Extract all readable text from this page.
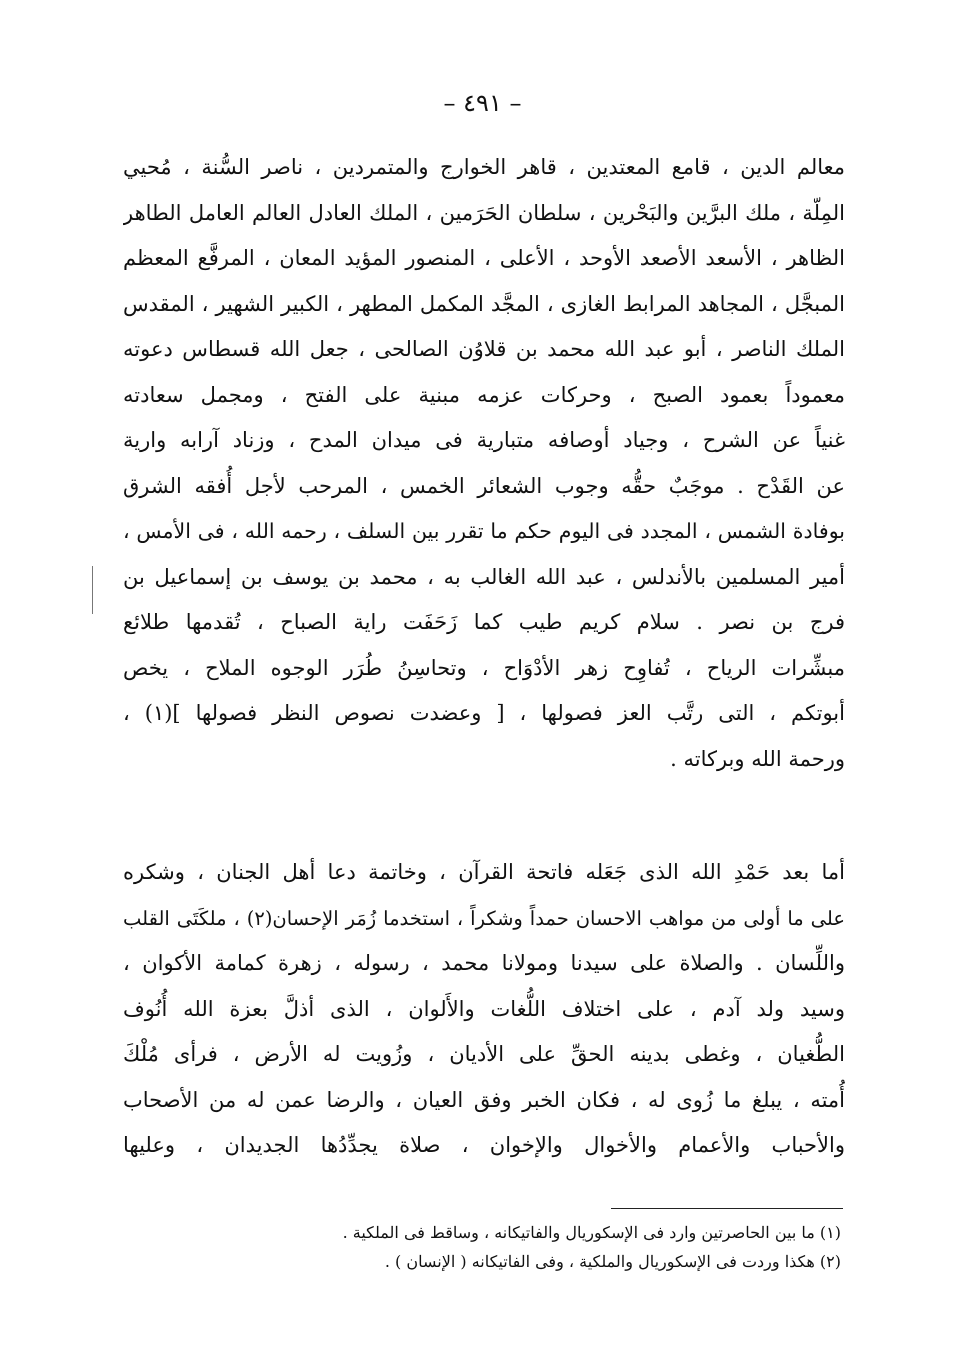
– ٤٩١ –
معالم الدين ، قامع المعتدين ، قاهر الخوارج والمتمردين ، ناصر السُّنة ، مُحيي
المِلّة ، ملك البرَّين والبَحْرين ، سلطان الحَرَمين ، الملك العادل العالم العامل الطاهر
الظاهر ، الأسعد الأصعد الأوحد ، الأعلى ، المنصور المؤيد المعان ، المرفَّع المعظم
المبجَّل ، المجاهد المرابط الغازى ، المجَّد المكمل المطهر ، الكبير الشهير ، المقدس
الملك الناصر ، أبو عبد الله محمد بن قلاوُن الصالحى ، جعل الله قسطاس دعوته
معموداً بعمود الصبح ، وحركات عزمه مبنية على الفتح ، ومجمل سعادته
غنياً عن الشرح ، وجياد أوصافه متبارية فى ميدان المدح ، وزناد آرابه وارية
عن القَدْح . موجَبٌ حقُّه وجوب الشعائر الخمس ، المرحب لأجل أُفقه الشرق
بوفادة الشمس ، المجدد فى اليوم حكم ما تقرر بين السلف ، رحمه الله ، فى الأمس ،
أمير المسلمين بالأندلس ، عبد الله الغالب به ، محمد بن يوسف بن إسماعيل بن
فرج بن نصر . سلام كريم طيب كما زَحَفَت راية الصباح ، تُقدمها طلائع
مبشِّرات الرياح ، تُفاوِح زهر الأدْوَاح ، وتحاسِنُ طُرَر الوجوه الملاح ، يخص
أبوتكم ، التى رتَّب العز فصولها ، [ وعضدت نصوص النظر فصولها ](١) ،
ورحمة الله وبركاته .
أما بعد حَمْدِ الله الذى جَعَله فاتحة القرآن ، وخاتمة دعا أهل الجنان ، وشكره
على ما أولى من مواهب الاحسان حمداً وشكراً ، استخدما زُمَر الإحسان(٢) ، ملكَتَى القلب
واللِّسان . والصلاة على سيدنا ومولانا محمد ، رسوله ، زهرة كمامة الأكوان ،
وسيد ولد آدم ، على اختلاف اللُّغات والأَلوان ، الذى أذلَّ بعزة الله أُنُوف
الطُّغيان ، وغطى بدينه الحقِّ على الأديان ، وزُويت له الأرض ، فرأى مُلْكَ
أُمته ، يبلغ ما زُوى له ، فكان الخبر وفق العيان ، والرضا عمن له من الأصحاب
والأحباب والأعمام والأخوال والإخوان ، صلاة يجدِّدُها الجديدان ، وعليها
(١) ما بين الحاصرتين وارد فى الإسكوريال والفاتيكانه ، وساقط فى الملكية .
(٢) هكذا وردت فى الإسكوريال والملكية ، وفى الفاتيكانه ( الإنسان ) .
